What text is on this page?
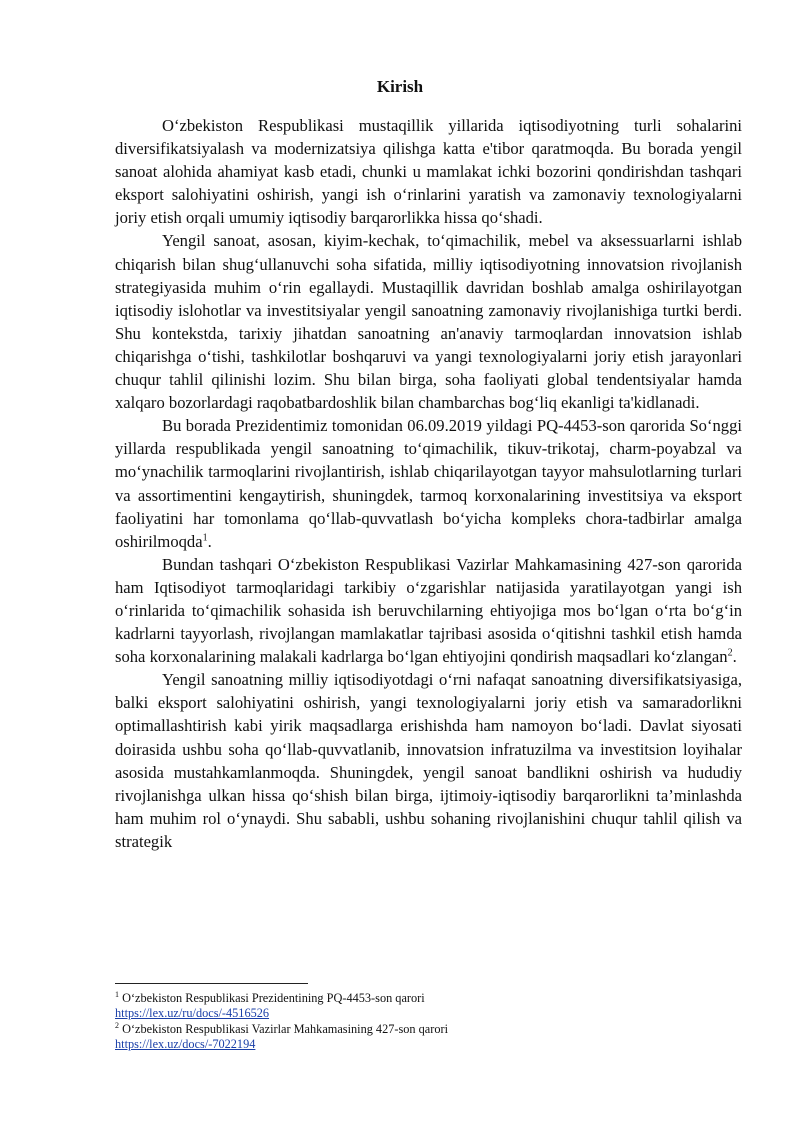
Kirish

O‘zbekiston Respublikasi mustaqillik yillarida iqtisodiyotning turli sohalarini diversifikatsiyalash va modernizatsiya qilishga katta e'tibor qaratmoqda. Bu borada yengil sanoat alohida ahamiyat kasb etadi, chunki u mamlakat ichki bozorini qondirishdan tashqari eksport salohiyatini oshirish, yangi ish o‘rinlarini yaratish va zamonaviy texnologiyalarni joriy etish orqali umumiy iqtisodiy barqarorlikka hissa qo‘shadi.

Yengil sanoat, asosan, kiyim-kechak, to‘qimachilik, mebel va aksessuarlarni ishlab chiqarish bilan shug‘ullanuvchi soha sifatida, milliy iqtisodiyotning innovatsion rivojlanish strategiyasida muhim o‘rin egallaydi. Mustaqillik davridan boshlab amalga oshirilayotgan iqtisodiy islohotlar va investitsiyalar yengil sanoatning zamonaviy rivojlanishiga turtki berdi. Shu kontekstda, tarixiy jihatdan sanoatning an'anaviy tarmoqlardan innovatsion ishlab chiqarishga o‘tishi, tashkilotlar boshqaruvi va yangi texnologiyalarni joriy etish jarayonlari chuqur tahlil qilinishi lozim. Shu bilan birga, soha faoliyati global tendentsiyalar hamda xalqaro bozorlardagi raqobatbardoshlik bilan chambarchas bog‘liq ekanligi ta'kidlanadi.

Bu borada Prezidentimiz tomonidan 06.09.2019 yildagi PQ-4453-son qarorida So‘nggi yillarda respublikada yengil sanoatning to‘qimachilik, tikuv-trikotaj, charm-poyabzal va mo‘ynachilik tarmoqlarini rivojlantirish, ishlab chiqarilayotgan tayyor mahsulotlarning turlari va assortimentini kengaytirish, shuningdek, tarmoq korxonalarining investitsiya va eksport faoliyatini har tomonlama qo‘llab-quvvatlash bo‘yicha kompleks chora-tadbirlar amalga oshirilmoqda$^1$.

Bundan tashqari O‘zbekiston Respublikasi Vazirlar Mahkamasining 427-son qarorida ham Iqtisodiyot tarmoqlaridagi tarkibiy o‘zgarishlar natijasida yaratilayotgan yangi ish o‘rinlarida to‘qimachilik sohasida ish beruvchilarning ehtiyojiga mos bo‘lgan o‘rta bo‘g‘in kadrlarni tayyorlash, rivojlangan mamlakatlar tajribasi asosida o‘qitishni tashkil etish hamda soha korxonalarining malakali kadrlarga bo‘lgan ehtiyojini qondirish maqsadlari ko‘zlangan$^2$.

Yengil sanoatning milliy iqtisodiyotdagi o‘rni nafaqat sanoatning diversifikatsiyasiga, balki eksport salohiyatini oshirish, yangi texnologiyalarni joriy etish va samaradorlikni optimallashtirish kabi yirik maqsadlarga erishishda ham namoyon bo‘ladi. Davlat siyosati doirasida ushbu soha qo‘llab-quvvatlanib, innovatsion infratuzilma va investitsion loyihalar asosida mustahkamlanmoqda. Shuningdek, yengil sanoat bandlikni oshirish va hududiy rivojlanishga ulkan hissa qo‘shish bilan birga, ijtimoiy-iqtisodiy barqarorlikni ta’minlashda ham muhim rol o‘ynaydi. Shu sababli, ushbu sohaning rivojlanishini chuqur tahlil qilish va strategik

$^1$ O‘zbekiston Respublikasi Prezidentining PQ-4453-son qarori
https://lex.uz/ru/docs/-4516526
$^2$ O‘zbekiston Respublikasi Vazirlar Mahkamasining 427-son qarori
https://lex.uz/docs/-7022194
